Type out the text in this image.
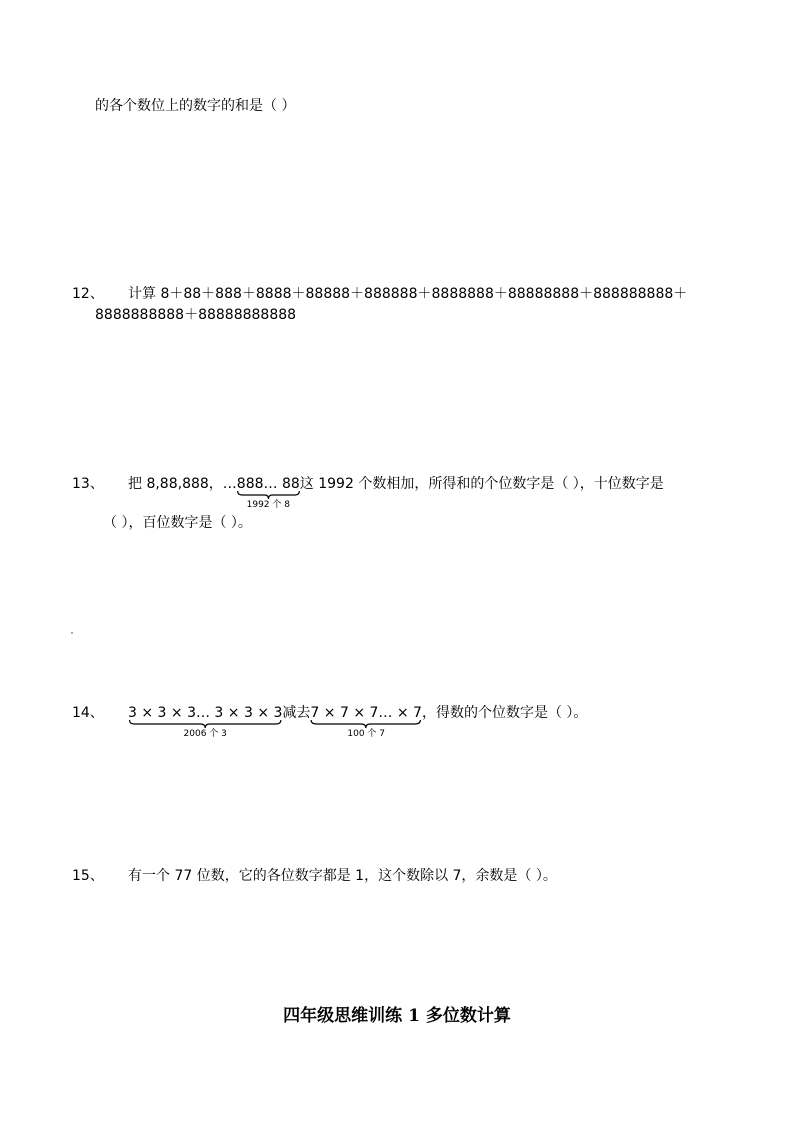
的各个数位上的数字的和是（ ）
12、 计算 8＋88＋888＋8888＋88888＋888888＋8888888＋88888888＋888888888＋
8888888888＋88888888888
13、 把 8,88,888，…888… 88
1992 个 8
这 1992 个数相加，所得和的个位数字是（ ），十位数字是
（ ），百位数字是（ ）。
14、 3 × 3 × 3… 3 × 3 × 3
2006 个 3
减去7 × 7 × 7… × 7
100 个 7
，得数的个位数字是（ ）。
15、 有一个 77 位数，它的各位数字都是 1，这个数除以 7，余数是（ ）。
四年级思维训练 1 多位数计算
